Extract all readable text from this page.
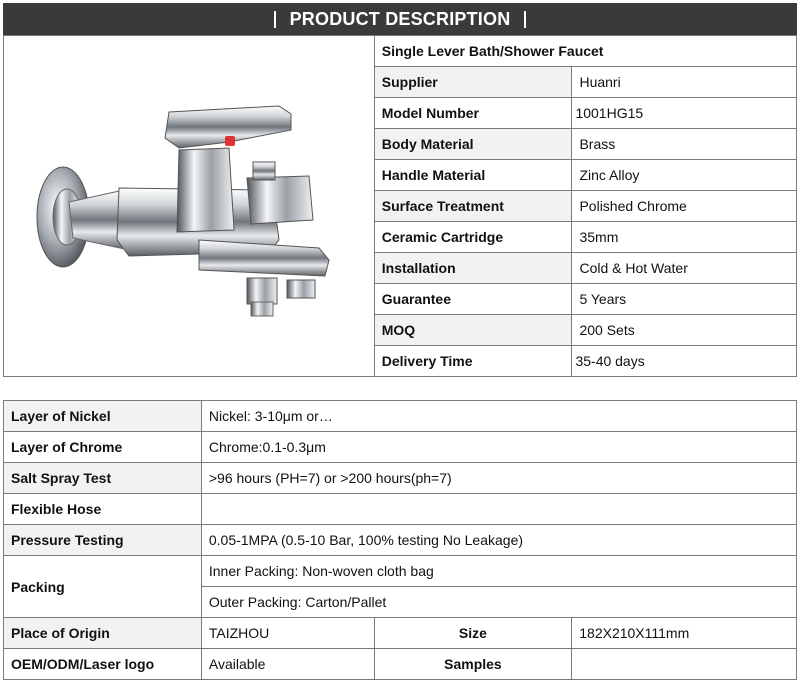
PRODUCT DESCRIPTION
	Single Lever Bath/Shower Faucet	
	Supplier	Huanri
	Model Number	1001HG15
	Body Material	Brass
	Handle Material	Zinc Alloy
	Surface Treatment	Polished Chrome
	Ceramic Cartridge	35mm
	Installation	Cold & Hot Water
	Guarantee	5 Years
	MOQ	200 Sets
	Delivery Time	35-40 days
Layer of Nickel	Nickel: 3-10μm or…		
Layer of Chrome	Chrome:0.1-0.3μm		
Salt Spray Test	>96 hours (PH=7) or >200 hours(ph=7)		
Flexible Hose			
Pressure Testing	0.05-1MPA (0.5-10 Bar, 100% testing No Leakage)		
Packing	Inner Packing: Non-woven cloth bag		
	Outer Packing: Carton/Pallet		
Place of Origin	TAIZHOU	Size	182X210X111mm
OEM/ODM/Laser logo	Available	Samples	
